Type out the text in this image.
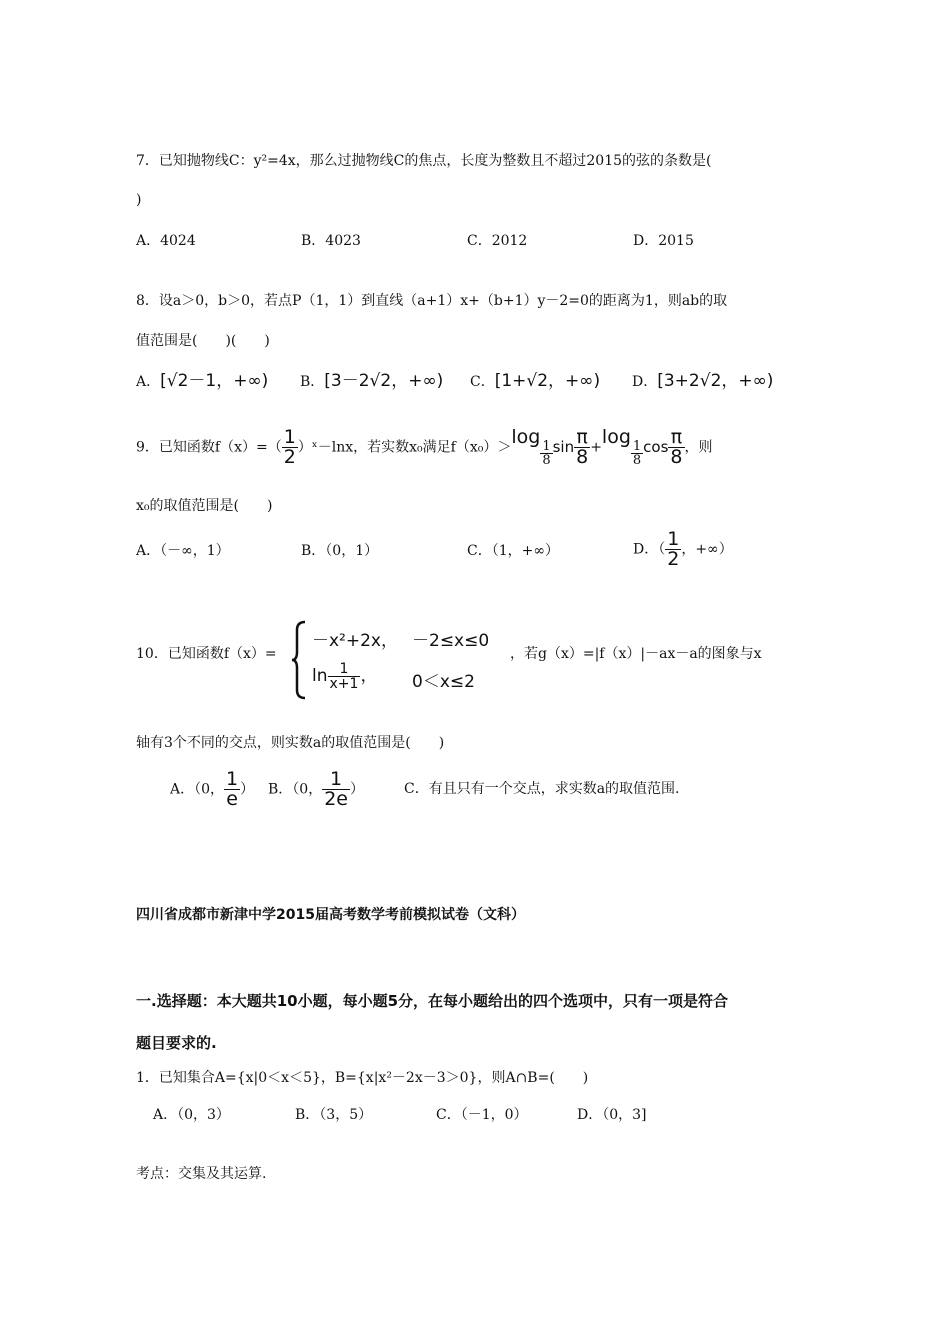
7．已知抛物线C：y²=4x，那么过抛物线C的焦点，长度为整数且不超过2015的弦的条数是(
)
A．4024	B．4023	C．2012	D．2015
8．设a＞0，b＞0，若点P（1，1）到直线（a+1）x+（b+1）y－2=0的距离为1，则ab的取
值范围是(　　)(　　)
A．[√2－1，+∞) B．[3－2√2，+∞) C．[1+√2，+∞) D．[3+2√2，+∞)
9．已知函数$f(x)=( \frac{1}{2}$ ）ˣ－lnx，若实数x₀满足f（x₀）＞log
$\frac{1}{8}$ $\sin \frac{\pi}{8} +\log$
$\frac{1}{8}$ $\cos \frac{\pi}{8}$ ，则
x₀的取值范围是(　　)
A．（－∞，1）	B．（0，1）	C．（1，+∞）	D．（ $\frac{1}{2}$ ，+∞）
10．已知函数f（x）=
－x²+2x， －2≤x≤0
$\ln \frac{1}{x+1}$ ， 0＜x≤2
，若g（x）=|f（x）|－ax－a的图象与x
轴有3个不同的交点，则实数a的取值范围是(　　)
A．（0， $\frac{1}{e}$ ） B．（0， $\frac{1}{2e}$ ）	C．有且只有一个交点，求实数a的取值范围.
四川省成都市新津中学2015届高考数学考前模拟试卷（文科）
一.选择题：本大题共10小题，每小题5分，在每小题给出的四个选项中，只有一项是符合
题目要求的.
1．已知集合A={x|0＜x＜5}，B={x|x²－2x－3＞0}，则A∩B=(　　)
A．（0，3）	B．（3，5）	C．（－1，0）	D．（0，3]
考点：交集及其运算.
